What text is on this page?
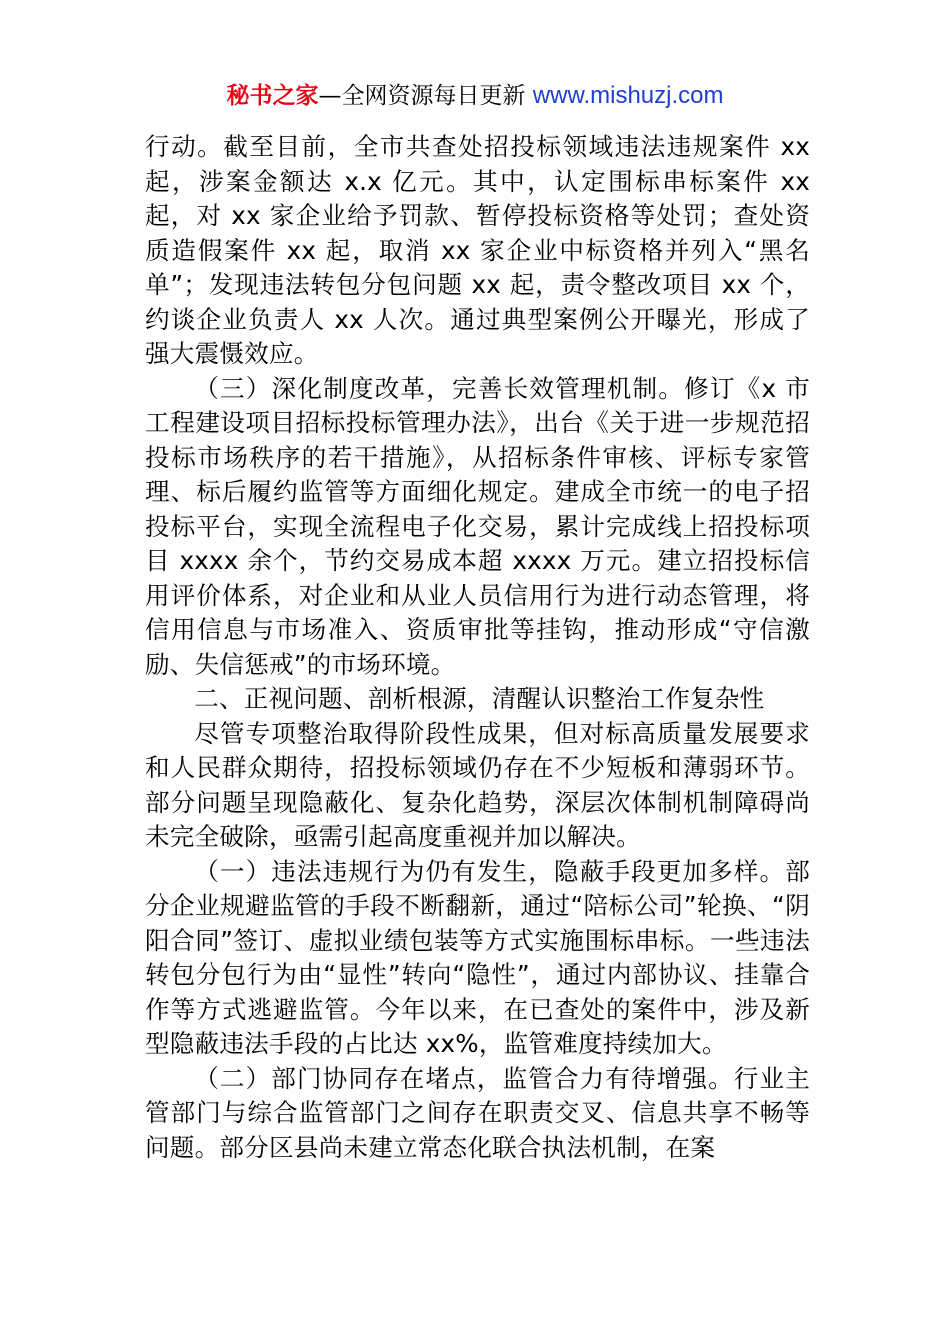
秘书之家—全网资源每日更新 www.mishuzj.com

行动。截至目前，全市共查处招投标领域违法违规案件 xx 起，涉案金额达 x.x 亿元。其中，认定围标串标案件 xx 起，对 xx 家企业给予罚款、暂停投标资格等处罚；查处资质造假案件 xx 起，取消 xx 家企业中标资格并列入“黑名单”；发现违法转包分包问题 xx 起，责令整改项目 xx 个，约谈企业负责人 xx 人次。通过典型案例公开曝光，形成了强大震慑效应。

（三）深化制度改革，完善长效管理机制。修订《x 市工程建设项目招标投标管理办法》，出台《关于进一步规范招投标市场秩序的若干措施》，从招标条件审核、评标专家管理、标后履约监管等方面细化规定。建成全市统一的电子招投标平台，实现全流程电子化交易，累计完成线上招投标项目 xxxx 余个，节约交易成本超 xxxx 万元。建立招投标信用评价体系，对企业和从业人员信用行为进行动态管理，将信用信息与市场准入、资质审批等挂钩，推动形成“守信激励、失信惩戒”的市场环境。

二、正视问题、剖析根源，清醒认识整治工作复杂性

尽管专项整治取得阶段性成果，但对标高质量发展要求和人民群众期待，招投标领域仍存在不少短板和薄弱环节。部分问题呈现隐蔽化、复杂化趋势，深层次体制机制障碍尚未完全破除，亟需引起高度重视并加以解决。

（一）违法违规行为仍有发生，隐蔽手段更加多样。部分企业规避监管的手段不断翻新，通过“陪标公司”轮换、“阴阳合同”签订、虚拟业绩包装等方式实施围标串标。一些违法转包分包行为由“显性”转向“隐性”，通过内部协议、挂靠合作等方式逃避监管。今年以来，在已查处的案件中，涉及新型隐蔽违法手段的占比达 xx%，监管难度持续加大。

（二）部门协同存在堵点，监管合力有待增强。行业主管部门与综合监管部门之间存在职责交叉、信息共享不畅等问题。部分区县尚未建立常态化联合执法机制，在案
